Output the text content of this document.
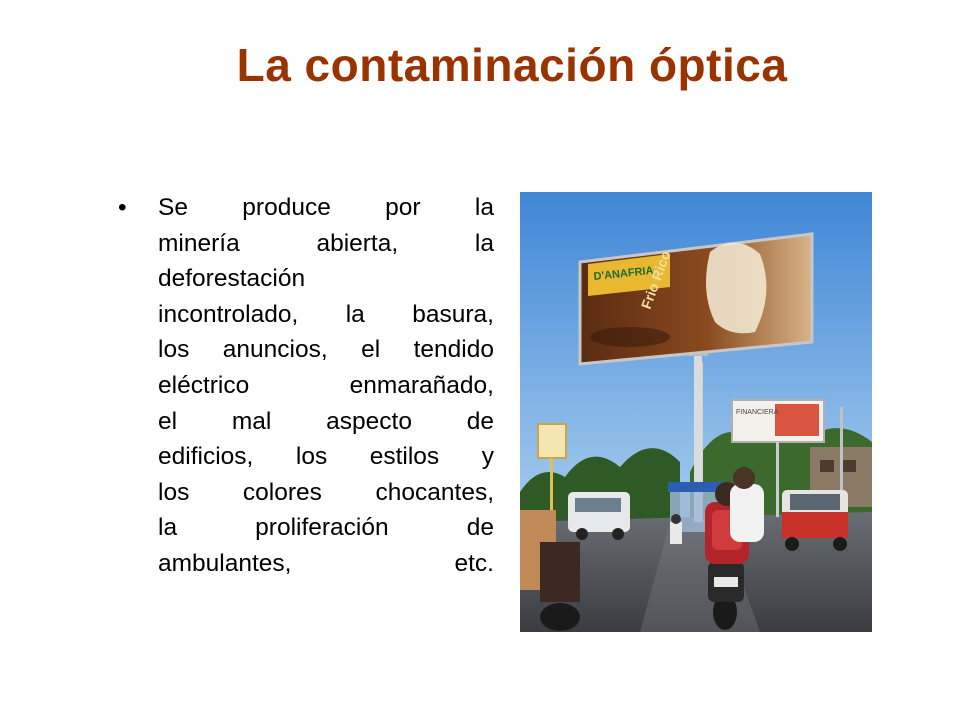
La contaminación óptica
• Se produce por la
minería abierta, la
deforestación
incontrolado, la basura,
los anuncios, el tendido
eléctrico enmarañado,
el mal aspecto de
edificios, los estilos y
los colores chocantes,
la proliferación de
ambulantes, etc.
D'ANAFRIA
Frio Rico
FINANCIERA
